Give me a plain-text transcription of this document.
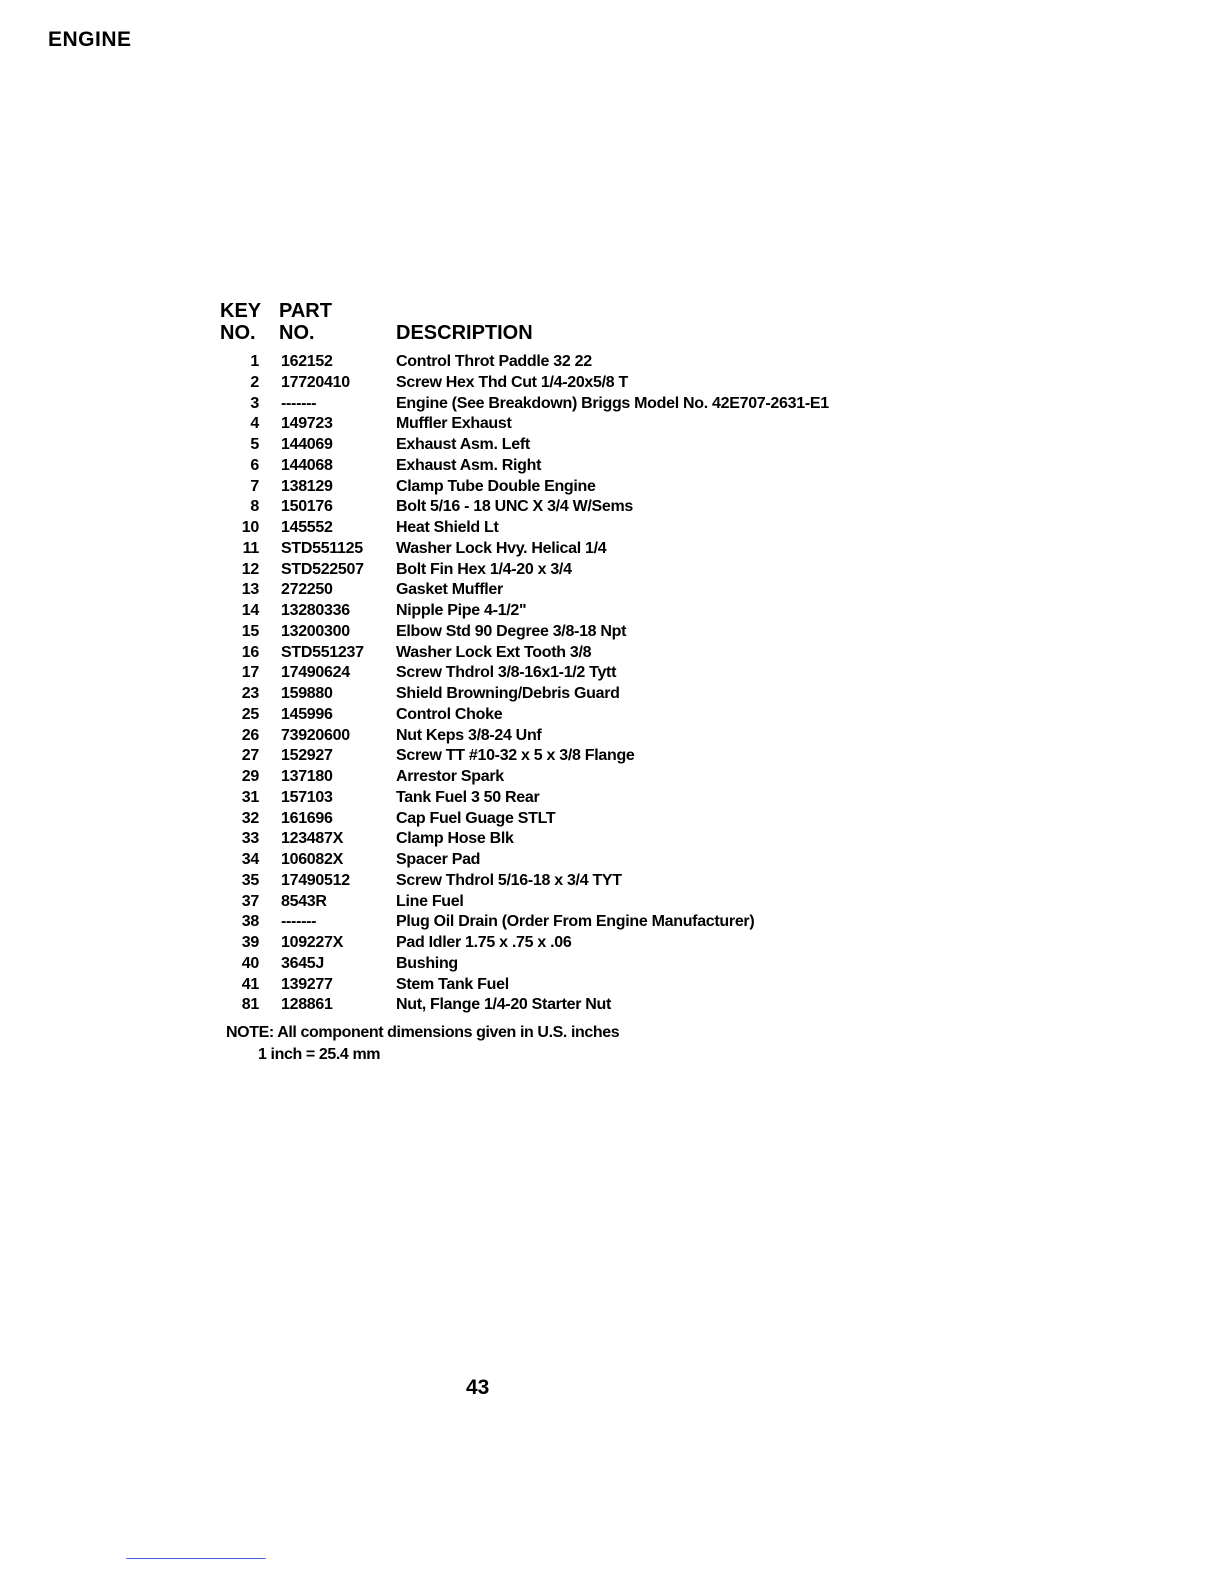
ENGINE
KEY
NO.
PART
NO.	DESCRIPTION
1 162152	Control Throt Paddle 32 22
2 17720410	Screw Hex Thd Cut 1/4-20x5/8 T
3 -------	Engine (See Breakdown) Briggs Model No. 42E707-2631-E1
4 149723	Muffler Exhaust
5 144069	Exhaust Asm. Left
6 144068	Exhaust Asm. Right
7 138129	Clamp Tube Double Engine
8 150176	Bolt 5/16 - 18 UNC X 3/4 W/Sems
10 145552	Heat Shield Lt
11 STD551125 Washer Lock Hvy. Helical 1/4
12 STD522507 Bolt Fin Hex 1/4-20 x 3/4
13 272250	Gasket Muffler
14 13280336	Nipple Pipe 4-1/2"
15 13200300	Elbow Std 90 Degree 3/8-18 Npt
16 STD551237 Washer Lock Ext Tooth 3/8
17 17490624	Screw Thdrol 3/8-16x1-1/2 Tytt
23 159880	Shield Browning/Debris Guard
25 145996	Control Choke
26 73920600	Nut Keps 3/8-24 Unf
27 152927	Screw TT #10-32 x 5 x 3/8 Flange
29 137180	Arrestor Spark
31 157103	Tank Fuel 3 50 Rear
32 161696	Cap Fuel Guage STLT
33 123487X	Clamp Hose Blk
34 106082X	Spacer Pad
35 17490512	Screw Thdrol 5/16-18 x 3/4 TYT
37 8543R	Line Fuel
38 -------	Plug Oil Drain (Order From Engine Manufacturer)
39 109227X	Pad Idler 1.75 x .75 x .06
40 3645J	Bushing
41 139277	Stem Tank Fuel
81 128861	Nut, Flange 1/4-20 Starter Nut
NOTE: All component dimensions given in U.S. inches
1 inch = 25.4 mm
43
